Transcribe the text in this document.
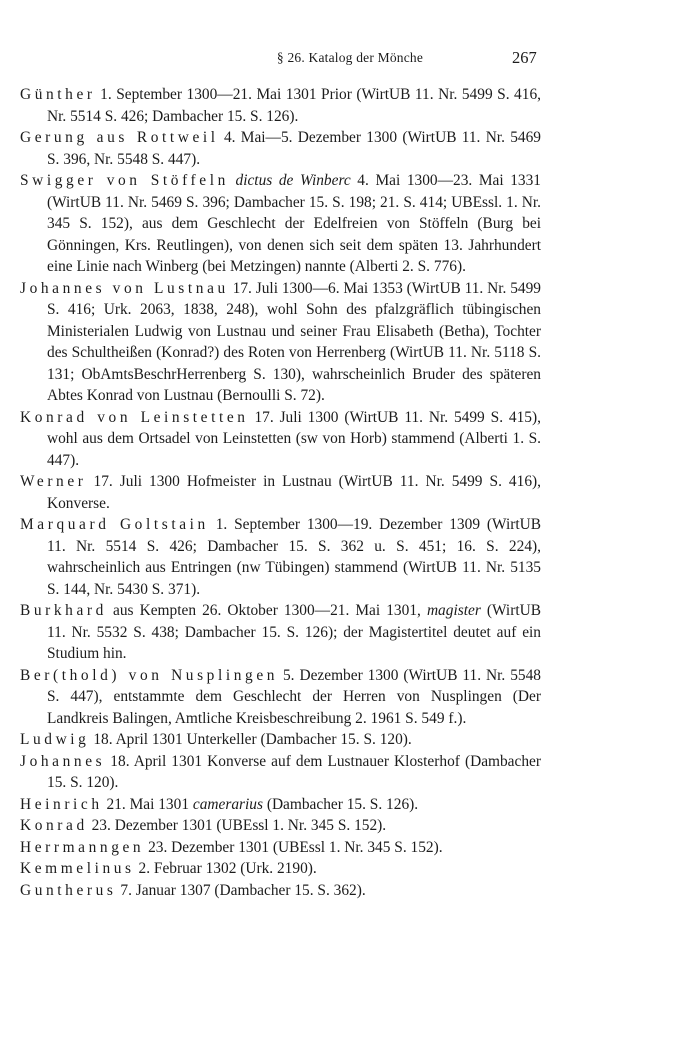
§ 26. Katalog der Mönche	267

Günther 1. September 1300—21. Mai 1301 Prior (WirtUB 11. Nr. 5499 S. 416, Nr. 5514 S. 426; Dambacher 15. S. 126).

Gerung aus Rottweil 4. Mai—5. Dezember 1300 (WirtUB 11. Nr. 5469 S. 396, Nr. 5548 S. 447).

Swigger von Stöffeln dictus de Winberc 4. Mai 1300—23. Mai 1331 (WirtUB 11. Nr. 5469 S. 396; Dambacher 15. S. 198; 21. S. 414; UBEssl. 1. Nr. 345 S. 152), aus dem Geschlecht der Edelfreien von Stöffeln (Burg bei Gönningen, Krs. Reutlingen), von denen sich seit dem späten 13. Jahrhundert eine Linie nach Winberg (bei Metzingen) nannte (Alberti 2. S. 776).

Johannes von Lustnau 17. Juli 1300—6. Mai 1353 (WirtUB 11. Nr. 5499 S. 416; Urk. 2063, 1838, 248), wohl Sohn des pfalzgräflich tübingischen Ministerialen Ludwig von Lustnau und seiner Frau Elisabeth (Betha), Tochter des Schultheißen (Konrad?) des Roten von Herrenberg (WirtUB 11. Nr. 5118 S. 131; ObAmtsBeschrHerrenberg S. 130), wahrscheinlich Bruder des späteren Abtes Konrad von Lustnau (Bernoulli S. 72).

Konrad von Leinstetten 17. Juli 1300 (WirtUB 11. Nr. 5499 S. 415), wohl aus dem Ortsadel von Leinstetten (sw von Horb) stammend (Alberti 1. S. 447).

Werner 17. Juli 1300 Hofmeister in Lustnau (WirtUB 11. Nr. 5499 S. 416), Konverse.

Marquard Goltstain 1. September 1300—19. Dezember 1309 (WirtUB 11. Nr. 5514 S. 426; Dambacher 15. S. 362 u. S. 451; 16. S. 224), wahrscheinlich aus Entringen (nw Tübingen) stammend (WirtUB 11. Nr. 5135 S. 144, Nr. 5430 S. 371).

Burkhard aus Kempten 26. Oktober 1300—21. Mai 1301, magister (WirtUB 11. Nr. 5532 S. 438; Dambacher 15. S. 126); der Magistertitel deutet auf ein Studium hin.

Ber(thold) von Nusplingen 5. Dezember 1300 (WirtUB 11. Nr. 5548 S. 447), entstammte dem Geschlecht der Herren von Nusplingen (Der Landkreis Balingen, Amtliche Kreisbeschreibung 2. 1961 S. 549 f.).

Ludwig 18. April 1301 Unterkeller (Dambacher 15. S. 120).

Johannes 18. April 1301 Konverse auf dem Lustnauer Klosterhof (Dambacher 15. S. 120).

Heinrich 21. Mai 1301 camerarius (Dambacher 15. S. 126).

Konrad 23. Dezember 1301 (UBEssl 1. Nr. 345 S. 152).

Herrmanngen 23. Dezember 1301 (UBEssl 1. Nr. 345 S. 152).

Kemmelinus 2. Februar 1302 (Urk. 2190).

Guntherus 7. Januar 1307 (Dambacher 15. S. 362).
